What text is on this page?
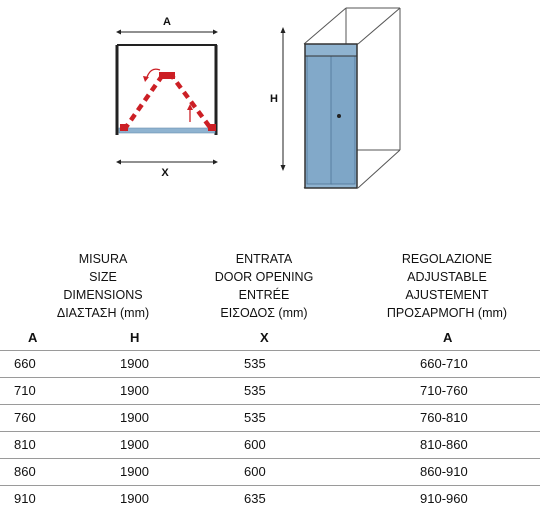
A
X
H
MISURA
SIZE
DIMENSIONS
ΔΙΑΣΤΑΣΗ (mm)
ENTRATA
DOOR OPENING
ENTRÉE
ΕΙΣΟΔΟΣ (mm)
REGOLAZIONE
ADJUSTABLE
AJUSTEMENT
ΠΡΟΣΑΡΜΟΓΗ (mm)
A	H	X	A
660	1900	535	660-710
710	1900	535	710-760
760	1900	535	760-810
810	1900	600	810-860
860	1900	600	860-910
910	1900	635	910-960
